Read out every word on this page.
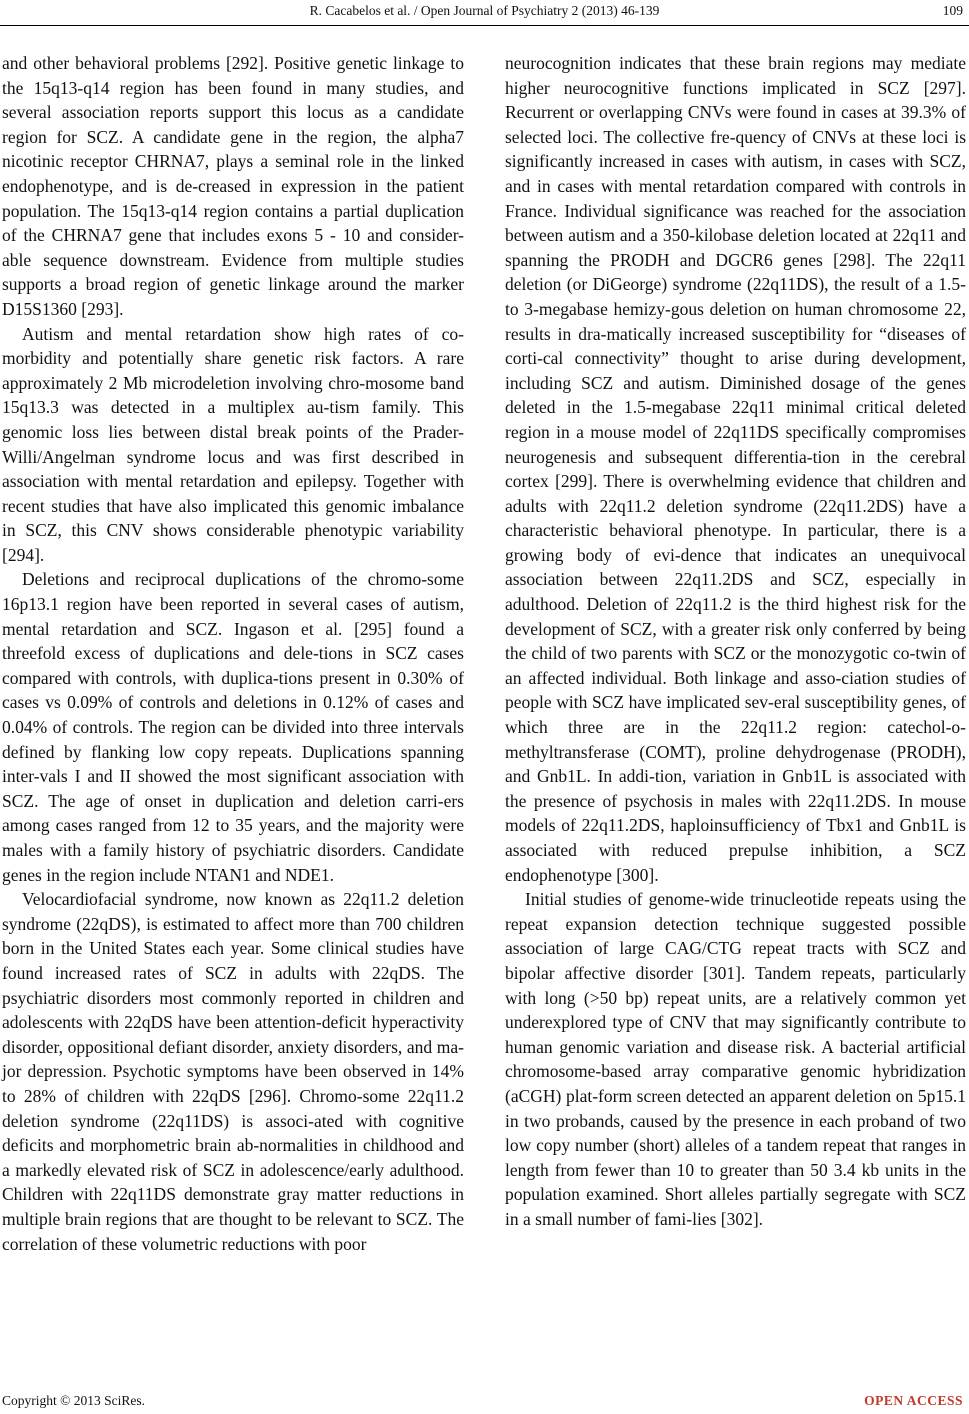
R. Cacabelos et al. / Open Journal of Psychiatry 2 (2013) 46-139	109

and other behavioral problems [292]. Positive genetic linkage to the 15q13-q14 region has been found in many studies, and several association reports support this locus as a candidate region for SCZ. A candidate gene in the region, the alpha7 nicotinic receptor CHRNA7, plays a seminal role in the linked endophenotype, and is de-creased in expression in the patient population. The 15q13-q14 region contains a partial duplication of the CHRNA7 gene that includes exons 5 - 10 and consider-able sequence downstream. Evidence from multiple studies supports a broad region of genetic linkage around the marker D15S1360 [293].

Autism and mental retardation show high rates of co-morbidity and potentially share genetic risk factors. A rare approximately 2 Mb microdeletion involving chro-mosome band 15q13.3 was detected in a multiplex au-tism family. This genomic loss lies between distal break points of the Prader-Willi/Angelman syndrome locus and was first described in association with mental retardation and epilepsy. Together with recent studies that have also implicated this genomic imbalance in SCZ, this CNV shows considerable phenotypic variability [294].

Deletions and reciprocal duplications of the chromo-some 16p13.1 region have been reported in several cases of autism, mental retardation and SCZ. Ingason et al. [295] found a threefold excess of duplications and dele-tions in SCZ cases compared with controls, with duplica-tions present in 0.30% of cases vs 0.09% of controls and deletions in 0.12% of cases and 0.04% of controls. The region can be divided into three intervals defined by flanking low copy repeats. Duplications spanning inter-vals I and II showed the most significant association with SCZ. The age of onset in duplication and deletion carri-ers among cases ranged from 12 to 35 years, and the majority were males with a family history of psychiatric disorders. Candidate genes in the region include NTAN1 and NDE1.

Velocardiofacial syndrome, now known as 22q11.2 deletion syndrome (22qDS), is estimated to affect more than 700 children born in the United States each year. Some clinical studies have found increased rates of SCZ in adults with 22qDS. The psychiatric disorders most commonly reported in children and adolescents with 22qDS have been attention-deficit hyperactivity disorder, oppositional defiant disorder, anxiety disorders, and ma-jor depression. Psychotic symptoms have been observed in 14% to 28% of children with 22qDS [296]. Chromo-some 22q11.2 deletion syndrome (22q11DS) is associ-ated with cognitive deficits and morphometric brain ab-normalities in childhood and a markedly elevated risk of SCZ in adolescence/early adulthood. Children with 22q11DS demonstrate gray matter reductions in multiple brain regions that are thought to be relevant to SCZ. The correlation of these volumetric reductions with poor

neurocognition indicates that these brain regions may mediate higher neurocognitive functions implicated in SCZ [297]. Recurrent or overlapping CNVs were found in cases at 39.3% of selected loci. The collective fre-quency of CNVs at these loci is significantly increased in cases with autism, in cases with SCZ, and in cases with mental retardation compared with controls in France. Individual significance was reached for the association between autism and a 350-kilobase deletion located at 22q11 and spanning the PRODH and DGCR6 genes [298]. The 22q11 deletion (or DiGeorge) syndrome (22q11DS), the result of a 1.5- to 3-megabase hemizy-gous deletion on human chromosome 22, results in dra-matically increased susceptibility for “diseases of corti-cal connectivity” thought to arise during development, including SCZ and autism. Diminished dosage of the genes deleted in the 1.5-megabase 22q11 minimal critical deleted region in a mouse model of 22q11DS specifically compromises neurogenesis and subsequent differentia-tion in the cerebral cortex [299]. There is overwhelming evidence that children and adults with 22q11.2 deletion syndrome (22q11.2DS) have a characteristic behavioral phenotype. In particular, there is a growing body of evi-dence that indicates an unequivocal association between 22q11.2DS and SCZ, especially in adulthood. Deletion of 22q11.2 is the third highest risk for the development of SCZ, with a greater risk only conferred by being the child of two parents with SCZ or the monozygotic co-twin of an affected individual. Both linkage and asso-ciation studies of people with SCZ have implicated sev-eral susceptibility genes, of which three are in the 22q11.2 region: catechol-o-methyltransferase (COMT), proline dehydrogenase (PRODH), and Gnb1L. In addi-tion, variation in Gnb1L is associated with the presence of psychosis in males with 22q11.2DS. In mouse models of 22q11.2DS, haploinsufficiency of Tbx1 and Gnb1L is associated with reduced prepulse inhibition, a SCZ endophenotype [300].

Initial studies of genome-wide trinucleotide repeats using the repeat expansion detection technique suggested possible association of large CAG/CTG repeat tracts with SCZ and bipolar affective disorder [301]. Tandem repeats, particularly with long (>50 bp) repeat units, are a relatively common yet underexplored type of CNV that may significantly contribute to human genomic variation and disease risk. A bacterial artificial chromosome-based array comparative genomic hybridization (aCGH) plat-form screen detected an apparent deletion on 5p15.1 in two probands, caused by the presence in each proband of two low copy number (short) alleles of a tandem repeat that ranges in length from fewer than 10 to greater than 50 3.4 kb units in the population examined. Short alleles partially segregate with SCZ in a small number of fami-lies [302].

Copyright © 2013 SciRes.	OPEN ACCESS
